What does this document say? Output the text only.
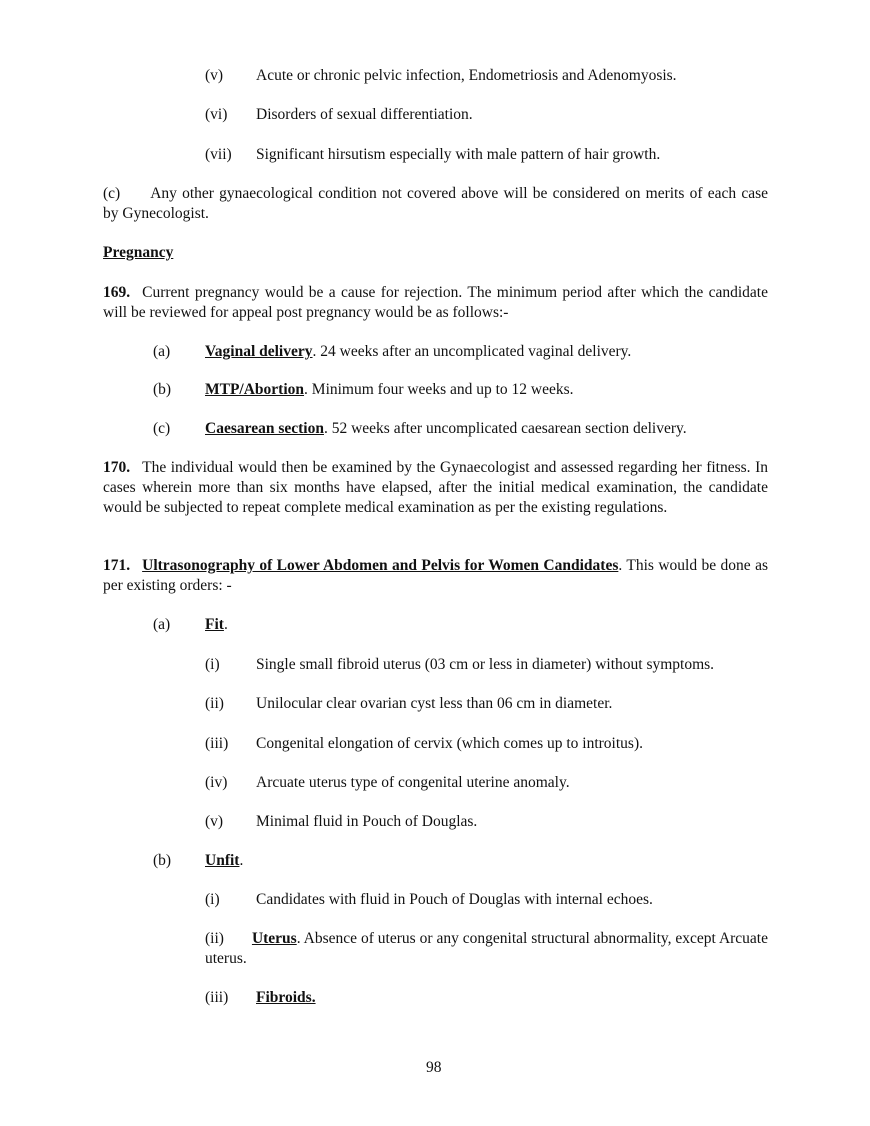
(v) Acute or chronic pelvic infection, Endometriosis and Adenomyosis.
(vi) Disorders of sexual differentiation.
(vii) Significant hirsutism especially with male pattern of hair growth.
(c) Any other gynaecological condition not covered above will be considered on merits of each case by Gynecologist.
Pregnancy
169. Current pregnancy would be a cause for rejection. The minimum period after which the candidate will be reviewed for appeal post pregnancy would be as follows:-
(a) Vaginal delivery. 24 weeks after an uncomplicated vaginal delivery.
(b) MTP/Abortion. Minimum four weeks and up to 12 weeks.
(c) Caesarean section. 52 weeks after uncomplicated caesarean section delivery.
170. The individual would then be examined by the Gynaecologist and assessed regarding her fitness. In cases wherein more than six months have elapsed, after the initial medical examination, the candidate would be subjected to repeat complete medical examination as per the existing regulations.
171. Ultrasonography of Lower Abdomen and Pelvis for Women Candidates. This would be done as per existing orders: -
(a) Fit.
(i) Single small fibroid uterus (03 cm or less in diameter) without symptoms.
(ii) Unilocular clear ovarian cyst less than 06 cm in diameter.
(iii) Congenital elongation of cervix (which comes up to introitus).
(iv) Arcuate uterus type of congenital uterine anomaly.
(v) Minimal fluid in Pouch of Douglas.
(b) Unfit.
(i) Candidates with fluid in Pouch of Douglas with internal echoes.
(ii) Uterus. Absence of uterus or any congenital structural abnormality, except Arcuate uterus.
(iii) Fibroids.
98
